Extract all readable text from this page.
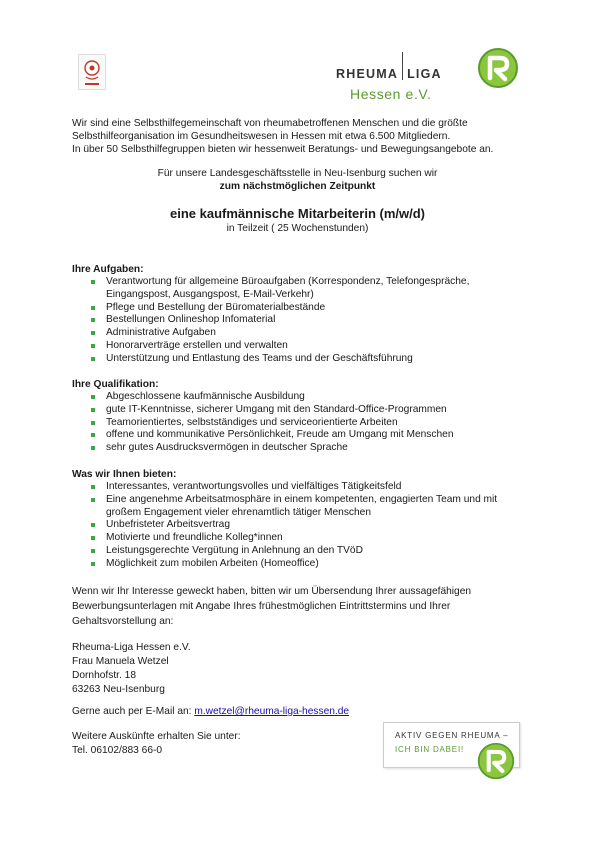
RHEUMA LIGA
Hessen e.V.
Wir sind eine Selbsthilfegemeinschaft von rheumabetroffenen Menschen und die größte
Selbsthilfeorganisation im Gesundheitswesen in Hessen mit etwa 6.500 Mitgliedern.
In über 50 Selbsthilfegruppen bieten wir hessenweit Beratungs- und Bewegungsangebote an.
Für unsere Landesgeschäftsstelle in Neu-Isenburg suchen wir
zum nächstmöglichen Zeitpunkt
eine kaufmännische Mitarbeiterin (m/w/d)
in Teilzeit ( 25 Wochenstunden)
Ihre Aufgaben:
Verantwortung für allgemeine Büroaufgaben (Korrespondenz, Telefongespräche,
Eingangspost, Ausgangspost, E-Mail-Verkehr)
Pflege und Bestellung der Büromaterialbestände
Bestellungen Onlineshop Infomaterial
Administrative Aufgaben
Honorarverträge erstellen und verwalten
Unterstützung und Entlastung des Teams und der Geschäftsführung
Ihre Qualifikation:
Abgeschlossene kaufmännische Ausbildung
gute IT-Kenntnisse, sicherer Umgang mit den Standard-Office-Programmen
Teamorientiertes, selbstständiges und serviceorientierte Arbeiten
offene und kommunikative Persönlichkeit, Freude am Umgang mit Menschen
sehr gutes Ausdrucksvermögen in deutscher Sprache
Was wir Ihnen bieten:
Interessantes, verantwortungsvolles und vielfältiges Tätigkeitsfeld
Eine angenehme Arbeitsatmosphäre in einem kompetenten, engagierten Team und mit
großem Engagement vieler ehrenamtlich tätiger Menschen
Unbefristeter Arbeitsvertrag
Motivierte und freundliche Kolleg*innen
Leistungsgerechte Vergütung in Anlehnung an den TVöD
Möglichkeit zum mobilen Arbeiten (Homeoffice)
Wenn wir Ihr Interesse geweckt haben, bitten wir um Übersendung Ihrer aussagefähigen
Bewerbungsunterlagen mit Angabe Ihres frühestmöglichen Eintrittstermins und Ihrer
Gehaltsvorstellung an:
Rheuma-Liga Hessen e.V.
Frau Manuela Wetzel
Dornhofstr. 18
63263 Neu-Isenburg
Gerne auch per E-Mail an: m.wetzel@rheuma-liga-hessen.de
Weitere Auskünfte erhalten Sie unter:
Tel. 06102/883 66-0
AKTIV GEGEN RHEUMA –
ICH BIN DABEI!
